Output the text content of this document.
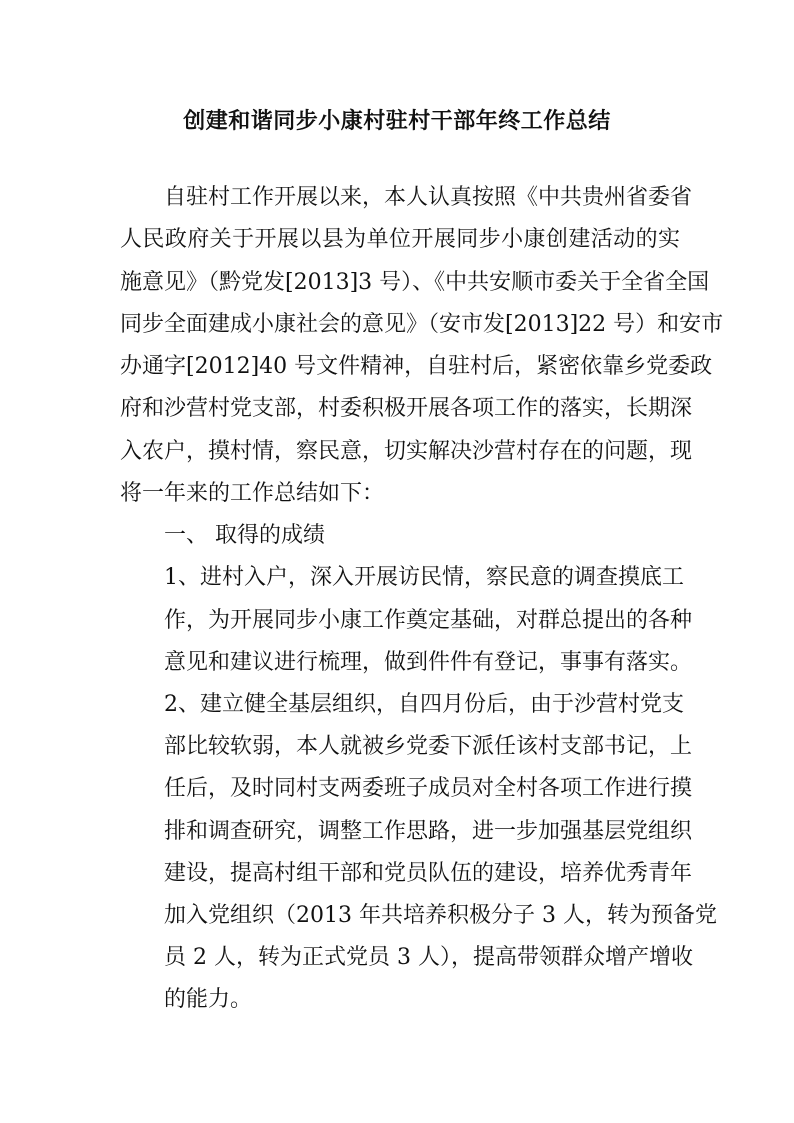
创建和谐同步小康村驻村干部年终工作总结
自驻村工作开展以来，本人认真按照《中共贵州省委省
人民政府关于开展以县为单位开展同步小康创建活动的实
施意见》（黔党发[2013]3 号）、《中共安顺市委关于全省全国
同步全面建成小康社会的意见》（安市发[2013]22 号）和安市
办通字[2012]40 号文件精神，自驻村后，紧密依靠乡党委政
府和沙营村党支部，村委积极开展各项工作的落实，长期深
入农户，摸村情，察民意，切实解决沙营村存在的问题，现
将一年来的工作总结如下：
一、 取得的成绩
1、进村入户，深入开展访民情，察民意的调查摸底工
作，为开展同步小康工作奠定基础，对群总提出的各种
意见和建议进行梳理，做到件件有登记，事事有落实。
2、建立健全基层组织，自四月份后，由于沙营村党支
部比较软弱，本人就被乡党委下派任该村支部书记，上
任后，及时同村支两委班子成员对全村各项工作进行摸
排和调查研究，调整工作思路，进一步加强基层党组织
建设，提高村组干部和党员队伍的建设，培养优秀青年
加入党组织（2013 年共培养积极分子 3 人，转为预备党
员 2 人，转为正式党员 3 人），提高带领群众增产增收
的能力。
